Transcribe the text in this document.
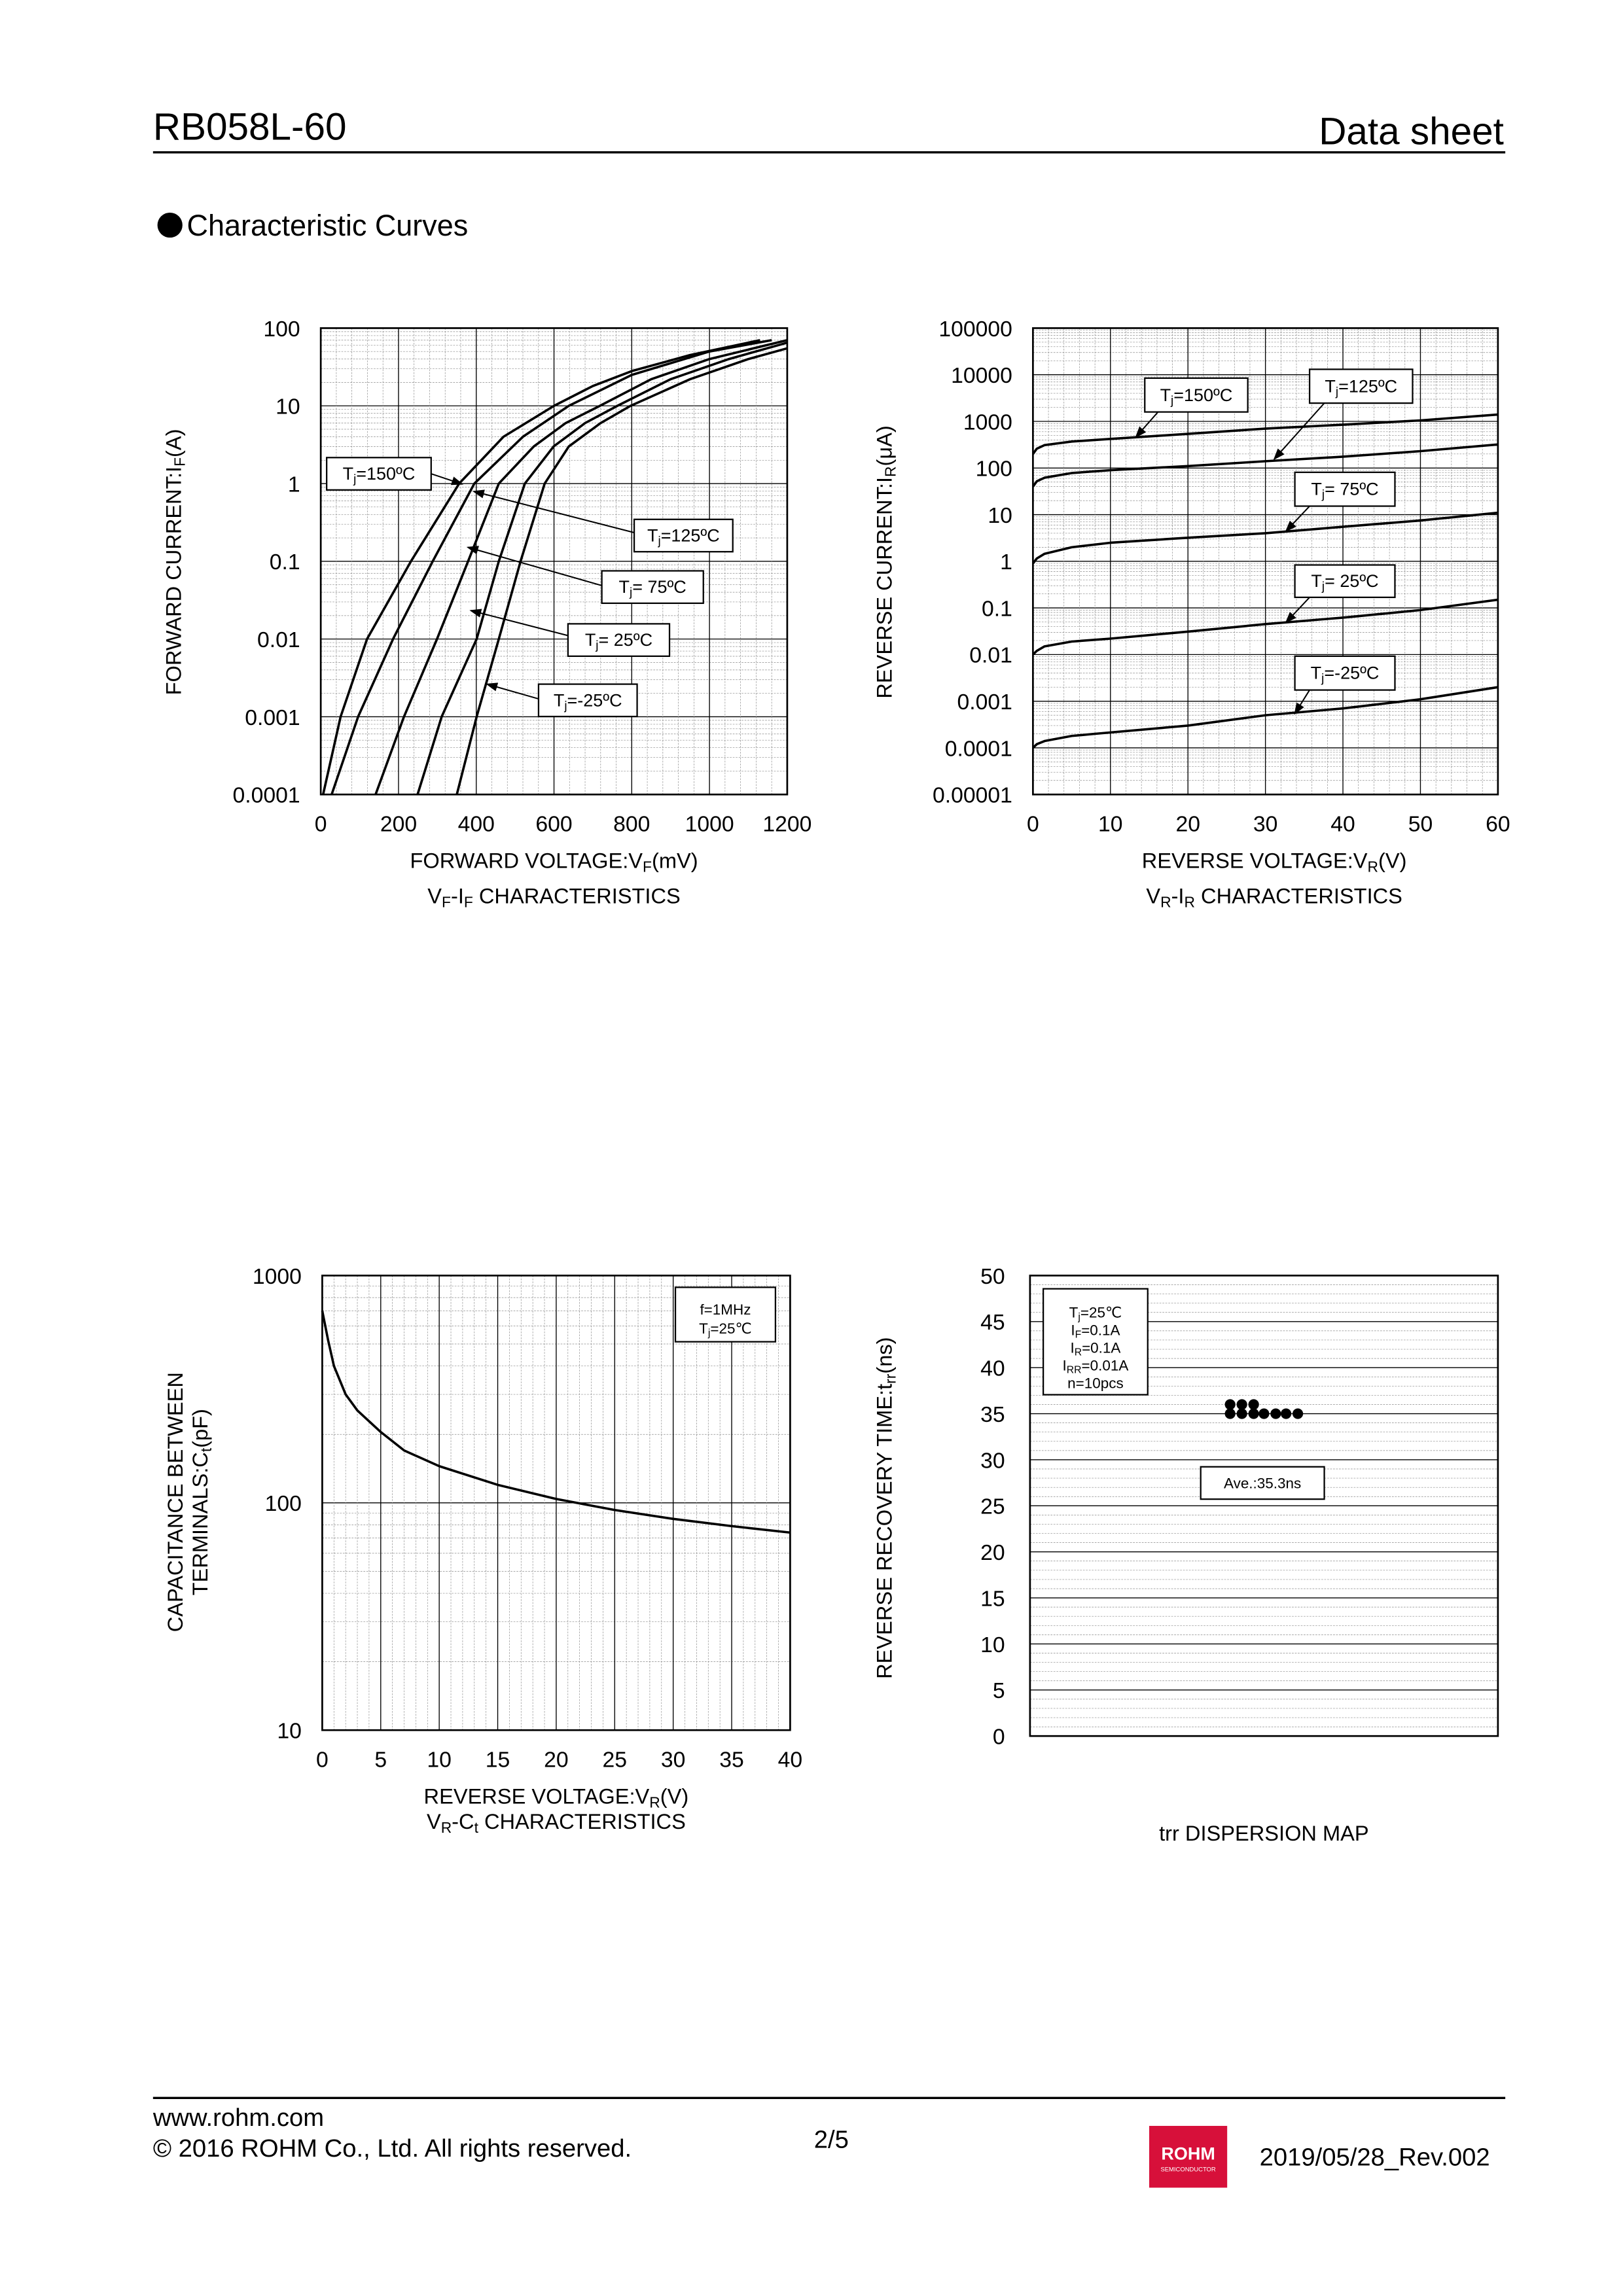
RB058L-60	Data sheet
Characteristic Curves
0.0001
0.001
0.01
0.1
1
10
100
0	200	400	600	800	1000	1200
FORWARD VOLTAGE:VF(mV)
VF-IF CHARACTERISTICS
FORWARD CURRENT:IF(A)
Tj=150ºC
Tj=125ºC
Tj= 75ºC
Tj= 25ºC
Tj=-25ºC
0.00001
0.0001
0.001
0.01
0.1
1
10
100
1000
10000
100000
0	10	20	30	40	50	60
REVERSE VOLTAGE:VR(V)
VR-IR CHARACTERISTICS
REVERSE CURRENT:IR(μA)
Tj=150ºC	Tj=125ºC
Tj= 75ºC
Tj= 25ºC
Tj=-25ºC
10
100
1000
0	5	10	15	20	25	30	35	40
REVERSE VOLTAGE:VR(V)
VR-Ct CHARACTERISTICS
CAPACITANCE BETWEEN TERMINALS:Ct(pF)
f=1MHz
Tj=25℃
0
5
10
15
20
25
30
35
40
45
50
trr DISPERSION MAP
REVERSE RECOVERY TIME:trr(ns)
Tj=25℃
IF=0.1A
IR=0.1A
IRR=0.01A
n=10pcs
Ave.:35.3ns
www.rohm.com
© 2016 ROHM Co., Ltd. All rights reserved.	2/5	ROHM
SEMICONDUCTOR	2019/05/28_Rev.002
